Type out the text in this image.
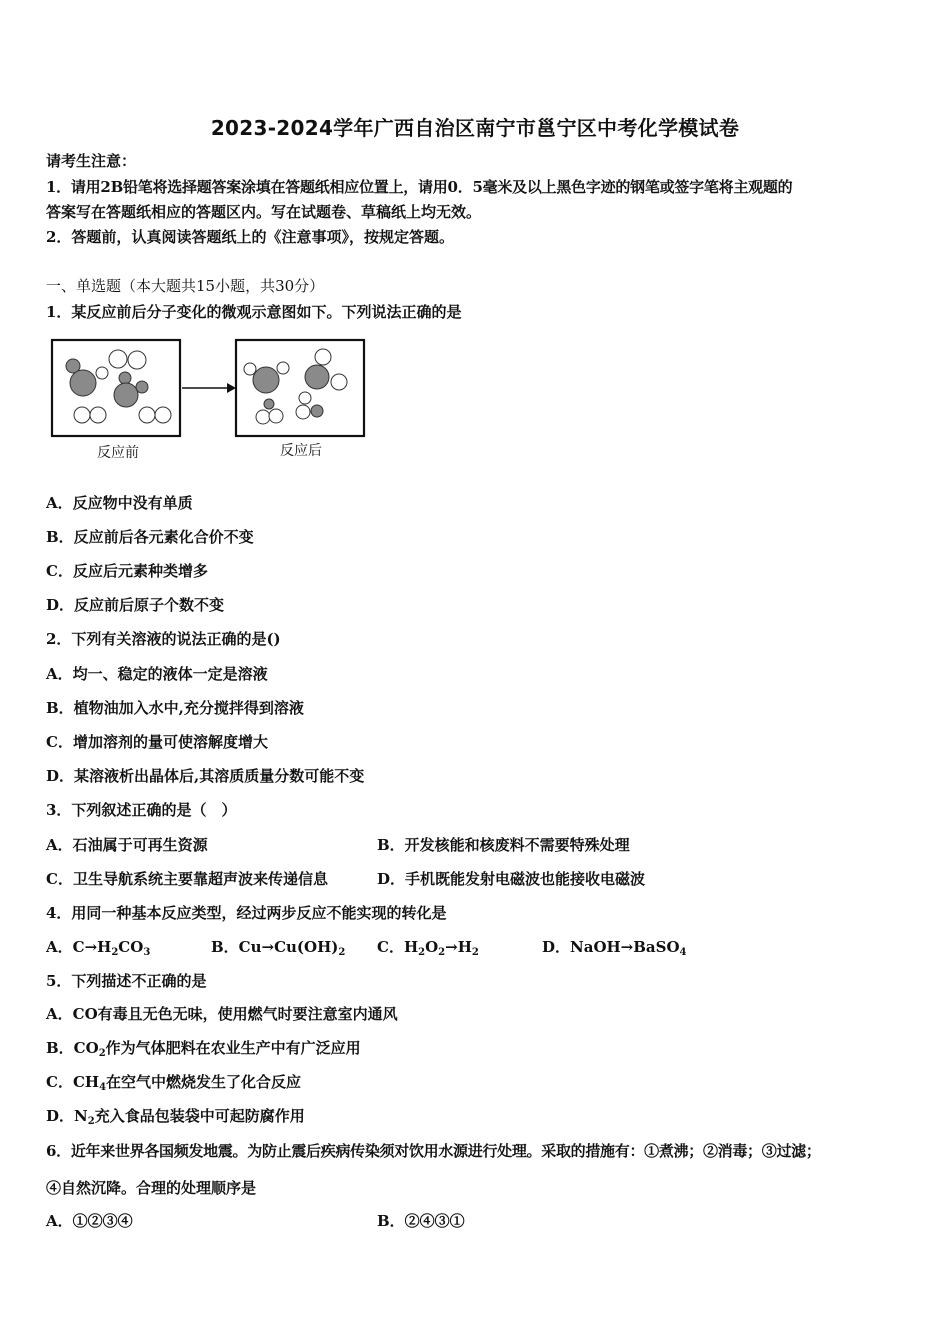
2023-2024学年广西自治区南宁市邕宁区中考化学模试卷
请考生注意：
1．请用2B铅笔将选择题答案涂填在答题纸相应位置上，请用0．5毫米及以上黑色字迹的钢笔或签字笔将主观题的
答案写在答题纸相应的答题区内。写在试题卷、草稿纸上均无效。
2．答题前，认真阅读答题纸上的《注意事项》，按规定答题。
一、单选题（本大题共15小题，共30分）
1．某反应前后分子变化的微观示意图如下。下列说法正确的是
反应前	反应后
A．反应物中没有单质
B．反应前后各元素化合价不变
C．反应后元素种类增多
D．反应前后原子个数不变
2．下列有关溶液的说法正确的是()
A．均一、稳定的液体一定是溶液
B．植物油加入水中,充分搅拌得到溶液
C．增加溶剂的量可使溶解度增大
D．某溶液析出晶体后,其溶质质量分数可能不变
3．下列叙述正确的是（　）
A．石油属于可再生资源	B．开发核能和核废料不需要特殊处理
C．卫生导航系统主要靠超声波来传递信息	D．手机既能发射电磁波也能接收电磁波
4．用同一种基本反应类型，经过两步反应不能实现的转化是
A．$C\to H_2CO_3$	B．$Cu\to Cu(OH)_2$ C．$H_2O_2\to H_2$	D．NaOH→BaSO$_4$
5．下列描述不正确的是
A．CO有毒且无色无味，使用燃气时要注意室内通风
B．$CO_2$作为气体肥料在农业生产中有广泛应用
C．$CH_4$在空气中燃烧发生了化合反应
D．$N_2$充入食品包装袋中可起防腐作用
6．近年来世界各国频发地震。为防止震后疾病传染须对饮用水源进行处理。采取的措施有：①煮沸；②消毒；③过滤；
④自然沉降。合理的处理顺序是
A．①②③④	B．②④③①
